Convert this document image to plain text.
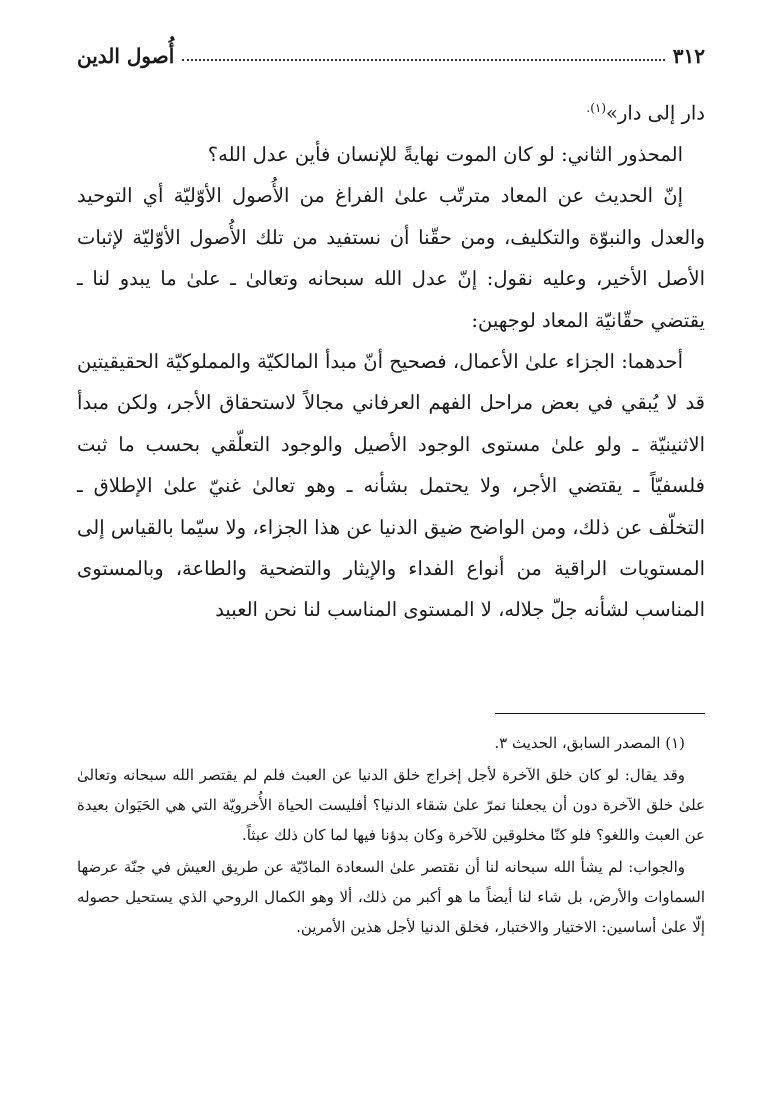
٣١٢
أُصول الدين

دار إلى دار»$^{(١).}$

المحذور الثاني: لو كان الموت نهايةً للإنسان فأين عدل الله؟

إنّ الحديث عن المعاد مترتّب علىٰ الفراغ من الأُصول الأوّليّة أي التوحيد والعدل والنبوّة والتكليف، ومن حقّنا أن نستفيد من تلك الأُصول الأوّليّة لإثبات الأصل الأخير، وعليه نقول: إنّ عدل الله سبحانه وتعالىٰ ـ علىٰ ما يبدو لنا ـ يقتضي حقّانيّة المعاد لوجهين:

أحدهما: الجزاء علىٰ الأعمال، فصحيح أنّ مبدأ المالكيّة والمملوكيّة الحقيقيتين قد لا يُبقي في بعض مراحل الفهم العرفاني مجالاً لاستحقاق الأجر، ولكن مبدأ الاثنينيّة ـ ولو علىٰ مستوى الوجود الأصيل والوجود التعلّقي بحسب ما ثبت فلسفيّاً ـ يقتضي الأجر، ولا يحتمل بشأنه ـ وهو تعالىٰ غنيّ علىٰ الإطلاق ـ التخلّف عن ذلك، ومن الواضح ضيق الدنيا عن هذا الجزاء، ولا سيّما بالقياس إلى المستويات الراقية من أنواع الفداء والإيثار والتضحية والطاعة، وبالمستوى المناسب لشأنه جلّ جلاله، لا المستوى المناسب لنا نحن العبيد

(١) المصدر السابق، الحديث ٣.

وقد يقال: لو كان خلق الآخرة لأجل إخراج خلق الدنيا عن العبث فلم لم يقتصر الله سبحانه وتعالىٰ علىٰ خلق الآخرة دون أن يجعلنا نمرّ علىٰ شقاء الدنيا؟ أفليست الحياة الأُخرويّة التي هي الحَيَوان بعيدة عن العبث واللغو؟ فلو كنّا مخلوقين للآخرة وكان بدؤنا فيها لما كان ذلك عبثاً.

والجواب: لم يشأ الله سبحانه لنا أن نقتصر علىٰ السعادة المادّيّة عن طريق العيش في جنّة عرضها السماوات والأرض، بل شاء لنا أيضاً ما هو أكبر من ذلك، ألا وهو الكمال الروحي الذي يستحيل حصوله إلّا علىٰ أساسين: الاختيار والاختبار، فخلق الدنيا لأجل هذين الأمرين.
